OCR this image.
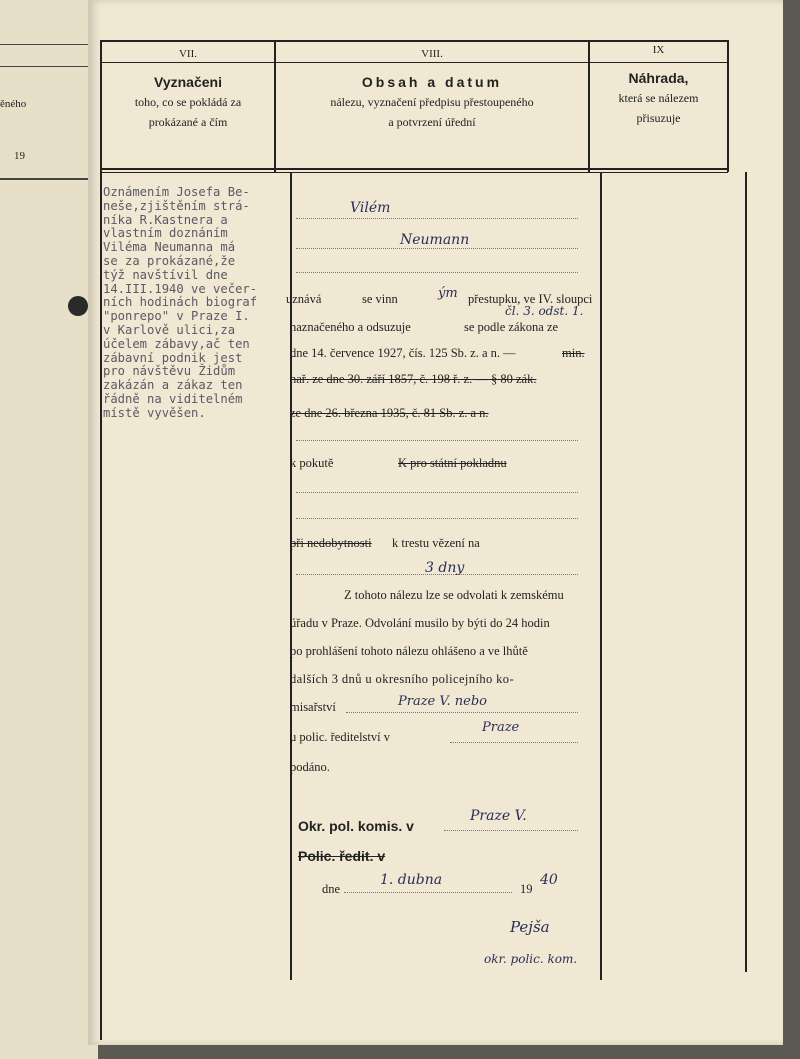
ěného
19
VII.
Vyznačeni
toho, co se pokládá za
prokázané a čím
VIII.
Obsah a datum
nálezu, vyznačení předpisu přestoupeného
a potvrzení úřední
IX
Náhrada,
která se nálezem
přisuzuje
Oznámením Josefa Be-
neše,zjištěním strá-
níka R.Kastnera a
vlastním doznáním
Viléma Neumanna má
se za prokázané,že
týž navštívil dne
14.III.1940 ve večer-
ních hodinách biograf
"ponrepo" v Praze I.
v Karlově ulici,za
účelem zábavy,ač ten
zábavní podnik jest
pro návštěvu Židům
zakázán a zákaz ten
řádně na viditelném
místě vyvěšen.
Vilém
Neumann
uznává	se vinn	ým přestupku, ve IV. sloupci
naznačeného a odsuzuje
čl. 3. odst. 1.
se podle zákona ze
dne 14. července 1927, čís. 125 Sb. z. a n. —	min.
nař. ze dne 30. září 1857, č. 198 ř. z. — § 80 zák.
ze dne 26. března 1935, č. 81 Sb. z. a n.
k pokutě	K pro státní pokladnu
při nedobytnosti k trestu vězení na
3 dny
Z tohoto nálezu lze se odvolati k zemskému
úřadu v Praze. Odvolání musilo by býti do 24 hodin
po prohlášení tohoto nálezu ohlášeno a ve lhůtě
dalších 3 dnů u okresního policejního ko-
misařství	Praze V. nebo
u polic. ředitelství v
Praze
podáno.
Okr. pol. komis. v
Praze V.
Polic. ředit. v
dne
1. dubna
19
40
Pejša
okr. polic. kom.
